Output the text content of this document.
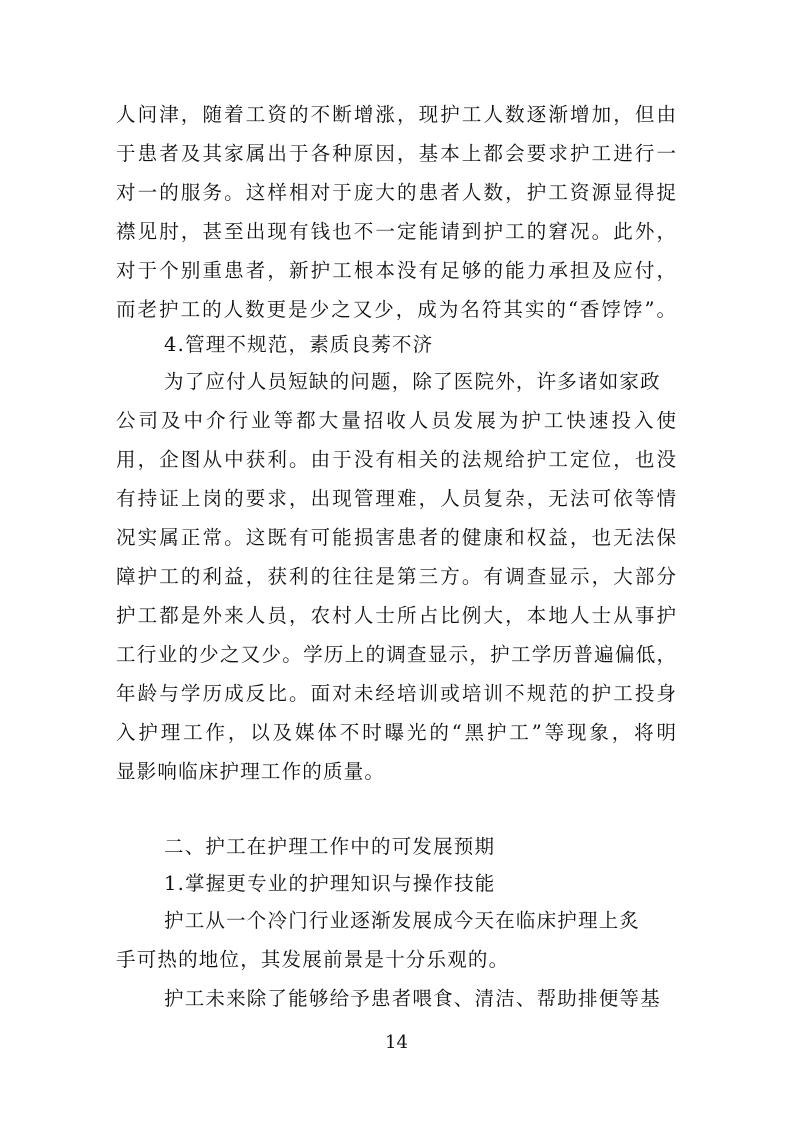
人问津，随着工资的不断增涨，现护工人数逐渐增加，但由
于患者及其家属出于各种原因，基本上都会要求护工进行一
对一的服务。这样相对于庞大的患者人数，护工资源显得捉
襟见肘，甚至出现有钱也不一定能请到护工的窘况。此外，
对于个别重患者，新护工根本没有足够的能力承担及应付，
而老护工的人数更是少之又少，成为名符其实的“香饽饽”。
4.管理不规范，素质良莠不济
为了应付人员短缺的问题，除了医院外，许多诸如家政
公司及中介行业等都大量招收人员发展为护工快速投入使
用，企图从中获利。由于没有相关的法规给护工定位，也没
有持证上岗的要求，出现管理难，人员复杂，无法可依等情
况实属正常。这既有可能损害患者的健康和权益，也无法保
障护工的利益，获利的往往是第三方。有调查显示，大部分
护工都是外来人员，农村人士所占比例大，本地人士从事护
工行业的少之又少。学历上的调查显示，护工学历普遍偏低，
年龄与学历成反比。面对未经培训或培训不规范的护工投身
入护理工作，以及媒体不时曝光的“黑护工”等现象，将明
显影响临床护理工作的质量。
二、护工在护理工作中的可发展预期
1.掌握更专业的护理知识与操作技能
护工从一个冷门行业逐渐发展成今天在临床护理上炙
手可热的地位，其发展前景是十分乐观的。
护工未来除了能够给予患者喂食、清洁、帮助排便等基
14
